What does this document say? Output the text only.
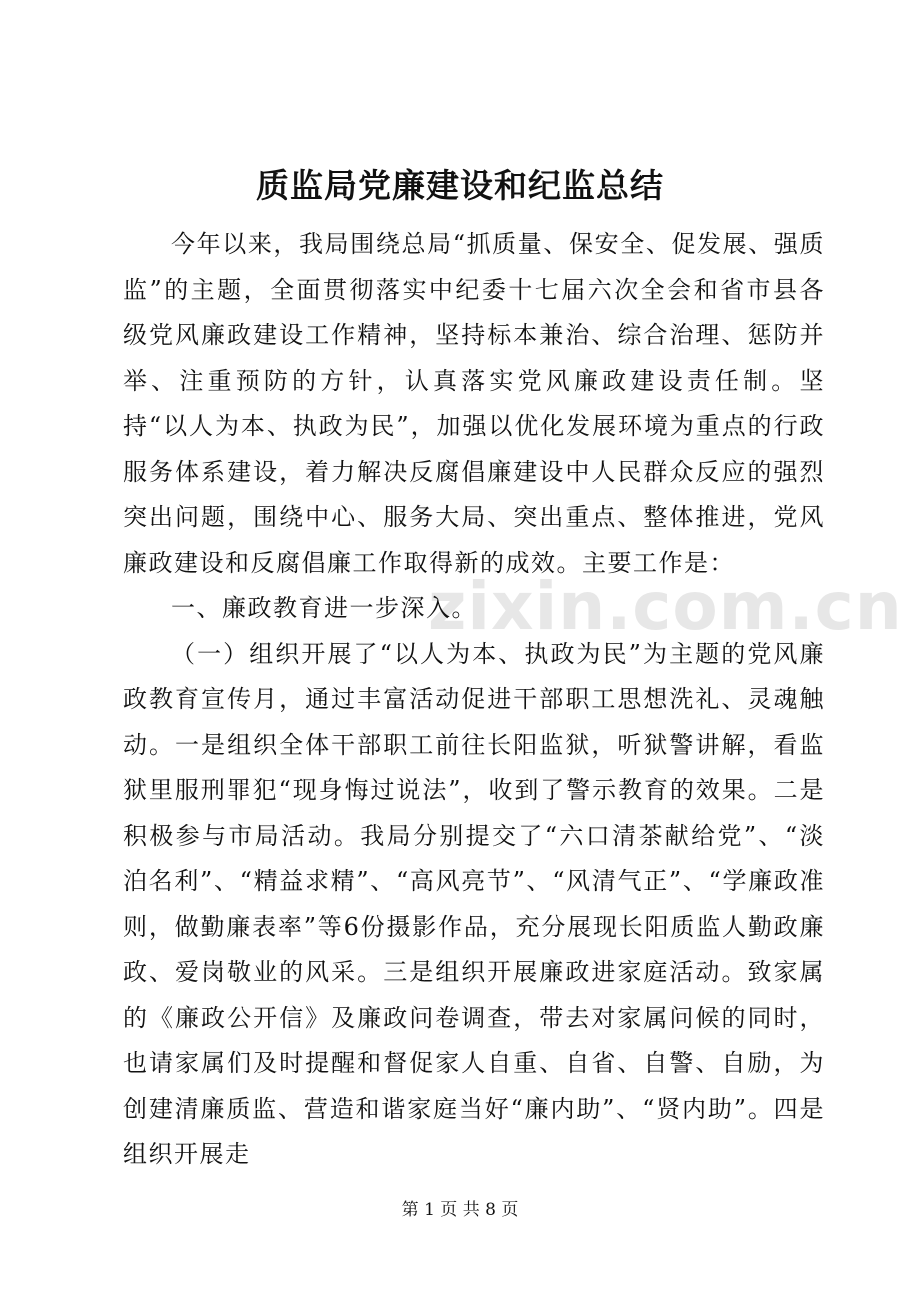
zixin.com.cn
质监局党廉建设和纪监总结

今年以来，我局围绕总局“抓质量、保安全、促发展、强质监”的主题，全面贯彻落实中纪委十七届六次全会和省市县各级党风廉政建设工作精神，坚持标本兼治、综合治理、惩防并举、注重预防的方针，认真落实党风廉政建设责任制。坚持“以人为本、执政为民”，加强以优化发展环境为重点的行政服务体系建设，着力解决反腐倡廉建设中人民群众反应的强烈突出问题，围绕中心、服务大局、突出重点、整体推进，党风廉政建设和反腐倡廉工作取得新的成效。主要工作是：

一、廉政教育进一步深入。

（一）组织开展了“以人为本、执政为民”为主题的党风廉政教育宣传月，通过丰富活动促进干部职工思想洗礼、灵魂触动。一是组织全体干部职工前往长阳监狱，听狱警讲解，看监狱里服刑罪犯“现身悔过说法”，收到了警示教育的效果。二是积极参与市局活动。我局分别提交了“六口清茶献给党”、“淡泊名利”、“精益求精”、“高风亮节”、“风清气正”、“学廉政准则，做勤廉表率”等6份摄影作品，充分展现长阳质监人勤政廉政、爱岗敬业的风采。三是组织开展廉政进家庭活动。致家属的《廉政公开信》及廉政问卷调查，带去对家属问候的同时，也请家属们及时提醒和督促家人自重、自省、自警、自励，为创建清廉质监、营造和谐家庭当好“廉内助”、“贤内助”。四是组织开展走

第 1 页 共 8 页
